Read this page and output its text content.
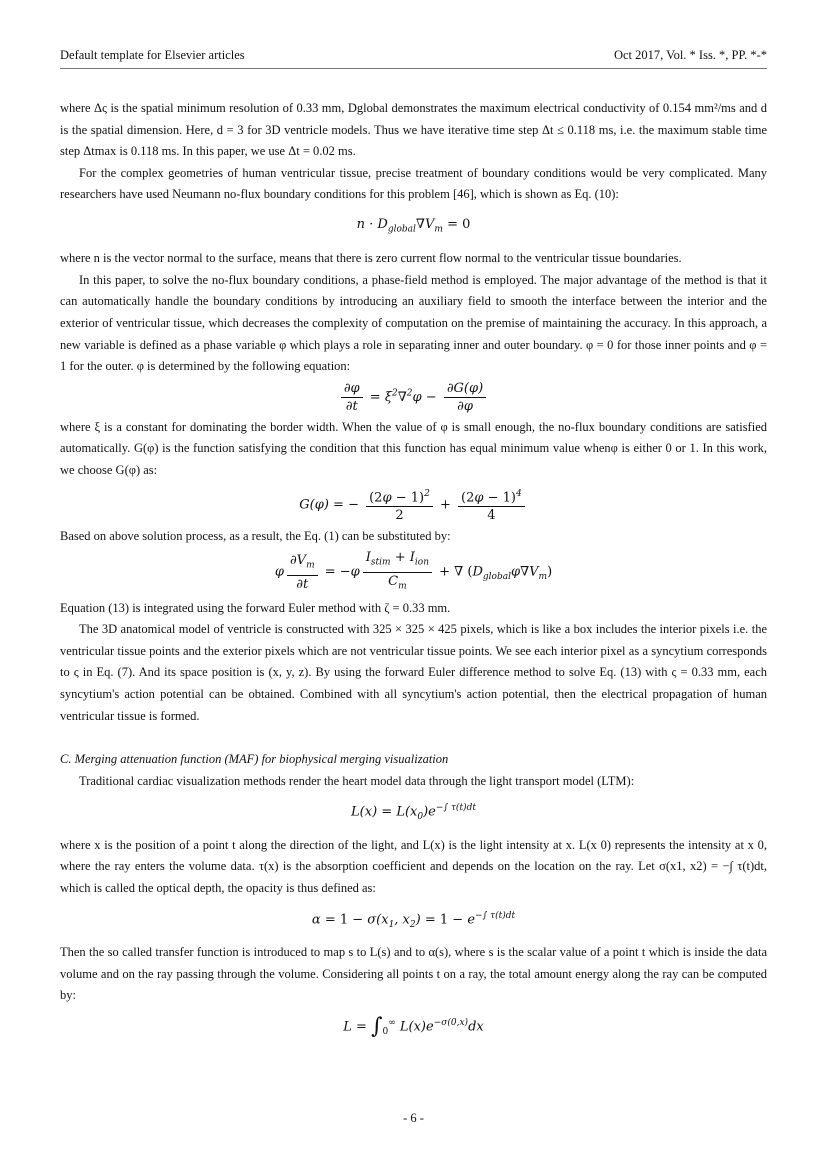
Default template for Elsevier articles	Oct 2017, Vol. * Iss. *, PP. *-*

where Δς is the spatial minimum resolution of 0.33 mm, Dglobal demonstrates the maximum electrical conductivity of 0.154 mm²/ms and d is the spatial dimension. Here, d = 3 for 3D ventricle models. Thus we have iterative time step Δt ≤ 0.118 ms, i.e. the maximum stable time step Δtmax is 0.118 ms. In this paper, we use Δt = 0.02 ms.

For the complex geometries of human ventricular tissue, precise treatment of boundary conditions would be very complicated. Many researchers have used Neumann no-flux boundary conditions for this problem [46], which is shown as Eq. (10):

$n \cdot D_{global}\nabla V_m = 0$

where n is the vector normal to the surface, means that there is zero current flow normal to the ventricular tissue boundaries.

In this paper, to solve the no-flux boundary conditions, a phase-field method is employed. The major advantage of the method is that it can automatically handle the boundary conditions by introducing an auxiliary field to smooth the interface between the interior and the exterior of ventricular tissue, which decreases the complexity of computation on the premise of maintaining the accuracy. In this approach, a new variable is defined as a phase variable φ which plays a role in separating inner and outer boundary. φ = 0 for those inner points and φ = 1 for the outer. φ is determined by the following equation:

$\frac{\partial\varphi}{\partial t} = \xi^2\nabla^2\varphi - \frac{\partial G(\varphi)}{\partial\varphi}$

where ξ is a constant for dominating the border width. When the value of φ is small enough, the no-flux boundary conditions are satisfied automatically. G(φ) is the function satisfying the condition that this function has equal minimum value whenφ is either 0 or 1. In this work, we choose G(φ) as:

G(φ) = − $\frac{(2\varphi - 1)^2}{2} + \frac{(2\varphi - 1)^4}{4}$

Based on above solution process, as a result, the Eq. (1) can be substituted by:

φ $\frac{\partial V_m}{\partial t} = -\varphi \frac{I_{stim} + I_{ion}}{C_m}$ + ∇ $(D_{global}\varphi\nabla V_m)$

Equation (13) is integrated using the forward Euler method with ζ = 0.33 mm.

The 3D anatomical model of ventricle is constructed with 325 × 325 × 425 pixels, which is like a box includes the interior pixels i.e. the ventricular tissue points and the exterior pixels which are not ventricular tissue points. We see each interior pixel as a syncytium corresponds to ς in Eq. (7). And its space position is (x, y, z). By using the forward Euler difference method to solve Eq. (13) with ς = 0.33 mm, each syncytium's action potential can be obtained. Combined with all syncytium's action potential, then the electrical propagation of human ventricular tissue is formed.

C. Merging attenuation function (MAF) for biophysical merging visualization

Traditional cardiac visualization methods render the heart model data through the light transport model (LTM):

$L(x) = L(x_0)e^{-\int \tau(t)dt}$

where x is the position of a point t along the direction of the light, and L(x) is the light intensity at x. L(x 0) represents the intensity at x 0, where the ray enters the volume data. τ(x) is the absorption coefficient and depends on the location on the ray. Let σ(x1, x2) = −∫ τ(t)dt, which is called the optical depth, the opacity is thus defined as:

$\alpha = 1 - \sigma(x_1$, $x_2) = 1 - e^{-\int \tau(t)dt}$

Then the so called transfer function is introduced to map s to L(s) and to α(s), where s is the scalar value of a point t which is inside the data volume and on the ray passing through the volume. Considering all points t on a ray, the total amount energy along the ray can be computed by:

$L = \int_0^\infty$ $L(x)e^{-\sigma(0,x)}dx$
- 6 -
